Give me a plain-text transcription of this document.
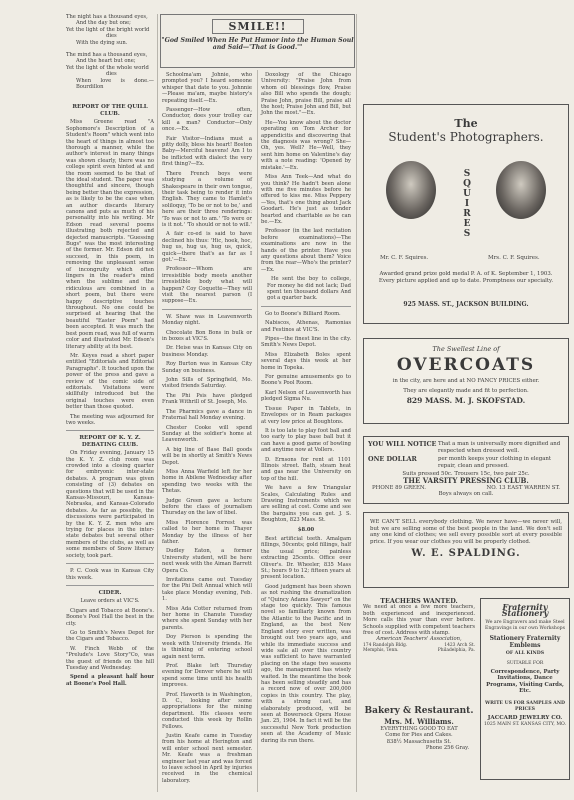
The night has a thousand eyes,

And the day but one;

Yet the light of the bright world

dies

With the dying sun.

The mind has a thousand eyes,

And the heart but one;

Yet the light of the whole world

dies

When love is done.—Bourdillon

REPORT OF THE QUILL CLUB.

Miss Greene read "A Sophomore's Description of a Student's Room" which went into the heart of things in almost too thorough a manner, while the author's interest in many things was shown clearly, there was no college spirit even hinted at and the room seemed to be that of the ideal student. The paper was thoughtful and sincere, though being better than the expression, as is likely to be the case when an author discards literary canons and puts as much of his personality into his writing. Mr Edson read several poems illustrating both rejected and dejected manuscripts. "Guessing Bugs" was the most interesting of the former. Mr. Edson did not succeed, in this poem, in removing the unpleasant sense of incongruity which often lingers in the reader's mind when the sublime and the ridiculous are combined in a short poem, but there were happy descriptive touches throughout. No one could be surprised at hearing that the beautiful "Easter Poem" had been accepted. It was much the best poem read, was full of warm color and illustrated Mr. Edson's literary ability at its best.

Mr. Keyes read a short paper entitled "Editorials and Editorial Paragraphs". It touched upon the power of the press and gave a review of the comic side of editorials. Visitations were skillfully introduced but the original touches were even better than those quoted.

The meeting was adjourned for two weeks.

REPORT OF K. Y. Z. DEBATING CLUB.

On Friday evening, January 15 the K. Y. Z. club room was crowded into a closing quarter for embryonic inter-state debates. A program was given consisting of (3) debates on questions that will be used in the Kansas-Missouri, Kansas-Nebraska, and Kansas-Colorado debates. As far as possible, the discussions were participated in by the K. Y. Z. men who are trying for places in the inter-state debates but several other members of the clubs, as well as some members of Snow literary society, took part.

P. C. Cook was in Kansas City this week.

CIDER.

Leave orders at VIC'S.

Cigars and Tobacco at Boone's. Boone's Pool Hall the best in the city.

Go to Smith's News Depot for the Cigars and Tobacco.

W. Finch Webb of the "Prelude's Love Story"Co, was the guest of friends on the hill Tuesday and Wednesday.

Spend a pleasant half hour at Boone's Pool Hall.

SMILE!!
"God Smiled When He Put Humor into the Human Soul and Said—'That is Good.'"

Schoolma'am Johnie, who prompted you? I heard someone whisper that date to you. Johnnie—Please ma'am, maybe history's repeating itself.—Ex.

Passenger—How often, Conductor, does your trolley car kill a man? Conductor—Only once.—Ex.

Fair Visitor—Indians must a pitty dolly, bless his heart! Boston Baby—Merciful heavens! Am I to be inflicted with dialect the very first thing?—Ex.

There French boys were studying a volume of Shakespeare in their own tongue, their task being to render it into English. They came to Hamlet's soliloquy, 'To be or not to be,' and here are their three renderings: 'To was or not to am.' 'To were or is it not.' 'To should or not to will.'

A fair co-ed is said to have declined his thus: 'Hic, hoek, hoc, hug us, hug us, hug us, quick, quick—there that's as far as I got.'—Ex.

Professor—Whom are irresistible body meets another irresistible body what will happen? Coy Coquette—They will visit the nearest parson (I suppose—Ex.

W. Shaw was in Leavenworth Monday night.

Chocolate Bon Bons in bulk or in boxes at VIC'S.

Dr. Heise was in Kansas City on business Monday.

Roy Burton was in Kansas City Sunday on business.

John Sills of Springfield, Mo. visited friends Saturday.

The Phi Psis have pledged Frank Withrill of St. Joseph, Mo.

The Pharmics gave a dance in Fraternal hall Monday evening.

Chester Cooke will spend Sunday at the soldier's home at Leavenworth.

A big line of Base Ball goods will be in shortly at Smith's News Depot.

Miss Anna Warfield left for her home in Abilene Wednesday after spending two weeks with the Thetas.

Judge Green gave a lecture before the class of journalism Thursday on the law of libel.

Miss Florence Forrest was called to her home in Thayer Monday by the illness of her father.

Dudley Eaton, a former University student, will be here next week with the Aiman Barrett Opera Co.

Invitations came out Tuesday for the Phi Delt Annual which will take place Monday evening, Feb. 1.

Miss Ada Cotter returned from her home in Chanute Tuesday where she spent Sunday with her parents.

Doy Pierson is spending the week with University friends. He is thinking of entering school again next term.

Prof. Blake left Thursday evening for Denver where he will spend some time until his health improves.

Prof. Haworth is in Washington, D. C., looking after some appropriations for the mining department. His classes were conducted this week by Rollin Fellows.

Justin Keafe came in Tuesday from his home at Herington and will enter school next semester. Mr. Keafe was a freshman engineer last year and was forced to leave school in April by injuries received in the chemical laboratory.

Doxology of the Chicago University: "Praise John from whom oil blessings flow, Praise also Bill who spends the dough; Praise John, praise Bill, praise all the host; Praise John and Bill, but John the most."—Ex.

He—You know about the doctor operating on Tom Archer for appendicitis and discovering that the diagnosis was wrong? She—Oh, yes. Well? He—Well, they sent him home on Valentine's day with a note reading: 'Opened by mistake.'—Ex.

Miss Ann Teek—And what do you think? He hadn't been alone with me five minutes before he offered to kiss me. Miss Peppery—Yes, that's one thing about Jack Goodart. He's just as tender hearted and charitable as he can be.—Ex.

Professor (in the last recitation before examinations)—The examinations are now in the hands of the printer. Have you any questions about them? Voice from the rear—Who's the printer?—Ex.

He sent the boy to college, For money he did not lack; Dad spent ten thousand dollars And got a quarter back.

Go to Boone's Billiard Room.

Nabiscos, Athenas, Ramonias and Festinos at VIC'S.

Pipes—the finest line in the city. Smith's News Depot.

Miss Elizabeth Boles spent several days this week at her home in Topeka.

For genuine amusements go to Boone's Pool Room.

Karl Nelson of Leavenworth has pledged Sigma Nu.

Tissue Paper in Tablets, in Envelopes or in Ream packages at very low price at Boughtons.

It is too late to play foot ball and too early to play base ball but it can have a good game of bowling and anytime now at Vollers.

D. Ernsons for rent at 1101 Illinois street. Bath, steam heat and gas near the University on top of the hill.

We have a few Triangular Scales, Calculating Rules and Drawing Instruments which we are selling at cost. Come and see the bargains you can get. J. S. Boughton, 823 Mass. St.

$8.00

Best artificial teeth. Amalgam fillings, 50cents; gold fillings, half the usual price; painless extracting 25cents. Office over Oliver's. Dr. Wheeler, 835 Mass St.; hours 9 to 12; fifteen years at present location.

Good judgment has been shown as not rushing the dramatization of "Quincy Adams Sawyer" on the stage too quickly. This famous novel so familiarly known from the Atlantic to the Pacific and in England, as the best New England story ever written, was brought out two years ago, and while its immediate success and wide sale all over this country was sufficient to have warranted placing on the stage two seasons ago, the management has wisely waited. In the meantime the book has been selling steadily and has a record now of over 200,000 copies in this country. The play, with a strong cast, and elaborately produced, will be seen at Bowersock Opera House Jan. 25, 1904. In fact it will be the successful New York production seen at the Academy of Music during its run there.

The
Student's Photographers.
S
Q
U
I
R
E
S
Mr. C. F. Squires.	Mrs. C. F. Squires.
Awarded grand prize gold medal P. A. of K. September 1, 1903. Every picture applied and up to date. Promptness our specialty.
925 MASS. ST., JACKSON BUILDING.
The Swellest Line of
OVERCOATS
in the city, are here and at NO FANCY PRICES either.
They are elegantly made and fit to perfection.
829 MASS. M. J. SKOFSTAD.
YOU WILL NOTICE That a man is universally more dignified and respected when dressed well.
ONE DOLLAR	per month keeps your clothing in elegant repair, clean and pressed.
Suits pressed 50c. Trousers 15c, two pair 25c.
THE VARSITY PRESSING CLUB.
PHONE 89 GREEN.	NO. 13 EAST WARREN ST.
Boys always on call.
WE CAN'T SELL everybody clothing. We never have—we never will, but we are selling some of the best people in the land. We don't sell any one kind of clothes; we sell every possible sort at every possible price. If you wear our clothes you will be properly clothed.
W. E. SPALDING.

TEACHERS WANTED.

We need at once a few more teachers, both experienced and inexperienced. More calls this year than ever before. Schools supplied with competent teachers free of cost. Address with stamp.

American Teachers' Association,

174 Randolph Bldg. Memphis, Tenn.
1423 Arch St. Philadelphia, Pa.

Bakery & Restaurant.

Mrs. M. Williams.

EVERYTHING GOOD TO EAT

Come for Pies and Cakes.

838½ Massachusetts St.

Phone 256 Gray.

Fraternity Stationery
We are Engravers and make Steel Engravings in our own Workshops
Stationery Fraternity Emblems
OF ALL KINDS
SUITABLE FOR
Correspondence, Party Invitations, Dance Programs, Visiting Cards, Etc.
WRITE US FOR SAMPLES AND PRICES
JACCARD JEWELRY CO.
1025 MAIN ST. KANSAS CITY, MO.
